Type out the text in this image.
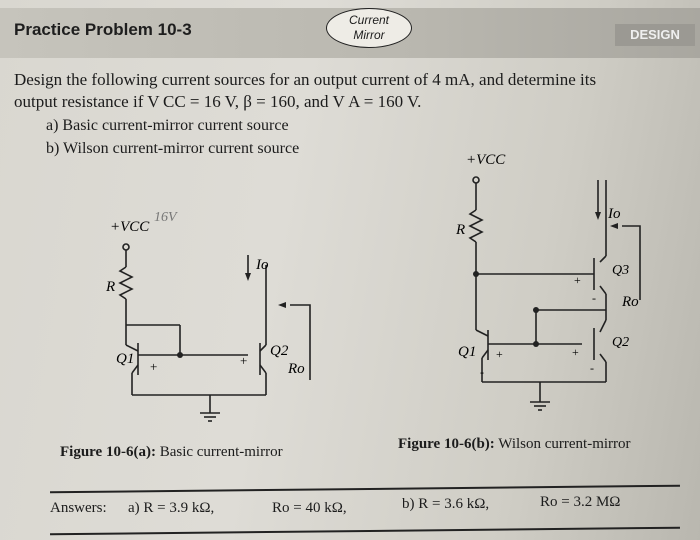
Practice Problem 10-3	Current
Mirror	DESIGN
Design the following current sources for an output current of 4 mA, and determine its
output resistance if V CC = 16 V, β = 160, and V A = 160 V.
a) Basic current-mirror current source
b) Wilson current-mirror current source
+VCC
16V
R
Io
Q1	Q2
Ro
+	+
+VCC
R
Io
Q3
Ro
Q2
Q1
+
-
+
-
+
-
Figure 10-6(a): Basic current-mirror	Figure 10-6(b): Wilson current-mirror
Answers: a) R = 3.9 kΩ,	Ro = 40 kΩ,	b) R = 3.6 kΩ,	Ro = 3.2 MΩ
